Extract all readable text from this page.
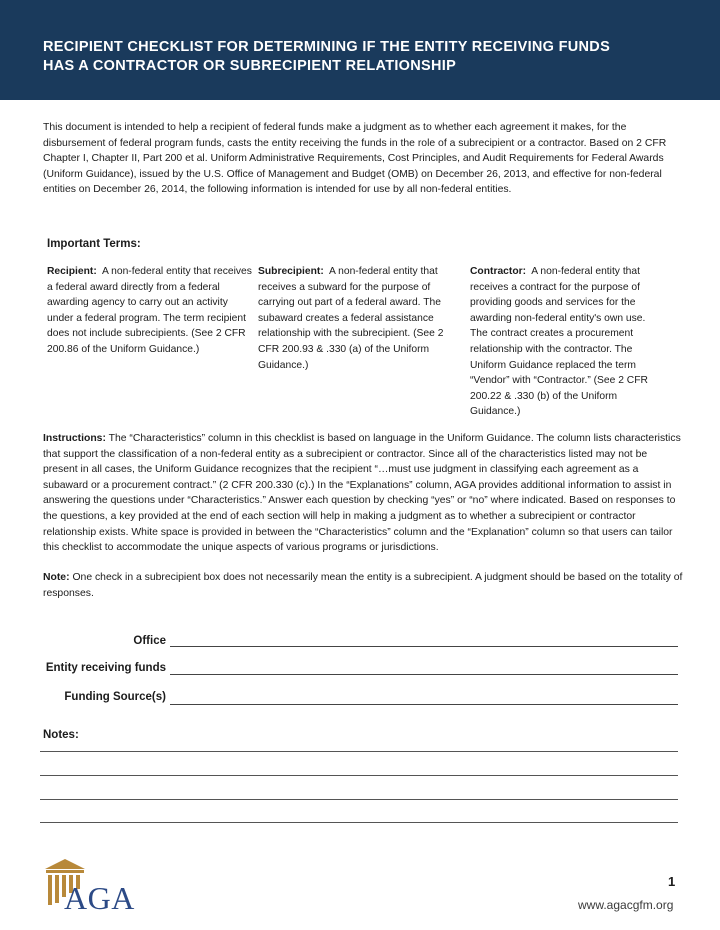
RECIPIENT CHECKLIST FOR DETERMINING IF THE ENTITY RECEIVING FUNDS
HAS A CONTRACTOR OR SUBRECIPIENT RELATIONSHIP
This document is intended to help a recipient of federal funds make a judgment as to whether each agreement it makes, for the disbursement of federal program funds, casts the entity receiving the funds in the role of a subrecipient or a contractor. Based on 2 CFR Chapter I, Chapter II, Part 200 et al. Uniform Administrative Requirements, Cost Principles, and Audit Requirements for Federal Awards (Uniform Guidance), issued by the U.S. Office of Management and Budget (OMB) on December 26, 2013, and effective for non-federal entities on December 26, 2014, the following information is intended for use by all non-federal entities.
Important Terms:
Recipient: A non-federal entity that receives a federal award directly from a federal awarding agency to carry out an activity under a federal program. The term recipient does not include subrecipients. (See 2 CFR 200.86 of the Uniform Guidance.)
Subrecipient: A non-federal entity that receives a subward for the purpose of carrying out part of a federal award. The subaward creates a federal assistance relationship with the subrecipient. (See 2 CFR 200.93 & .330 (a) of the Uniform Guidance.)
Contractor: A non-federal entity that receives a contract for the purpose of providing goods and services for the awarding non-federal entity's own use. The contract creates a procurement relationship with the contractor. The Uniform Guidance replaced the term “Vendor” with “Contractor.” (See 2 CFR 200.22 & .330 (b) of the Uniform Guidance.)
Instructions: The “Characteristics” column in this checklist is based on language in the Uniform Guidance. The column lists characteristics that support the classification of a non-federal entity as a subrecipient or contractor. Since all of the characteristics listed may not be present in all cases, the Uniform Guidance recognizes that the recipient “…must use judgment in classifying each agreement as a subaward or a procurement contract.” (2 CFR 200.330 (c).) In the “Explanations” column, AGA provides additional information to assist in answering the questions under “Characteristics.” Answer each question by checking “yes” or “no” where indicated. Based on responses to the questions, a key provided at the end of each section will help in making a judgment as to whether a subrecipient or contractor relationship exists. White space is provided in between the “Characteristics” column and the “Explanation” column so that users can tailor this checklist to accommodate the unique aspects of various programs or jurisdictions.
Note: One check in a subrecipient box does not necessarily mean the entity is a subrecipient. A judgment should be based on the totality of responses.
Office
Entity receiving funds
Funding Source(s)
Notes:
AGA	1
www.agacgfm.org
